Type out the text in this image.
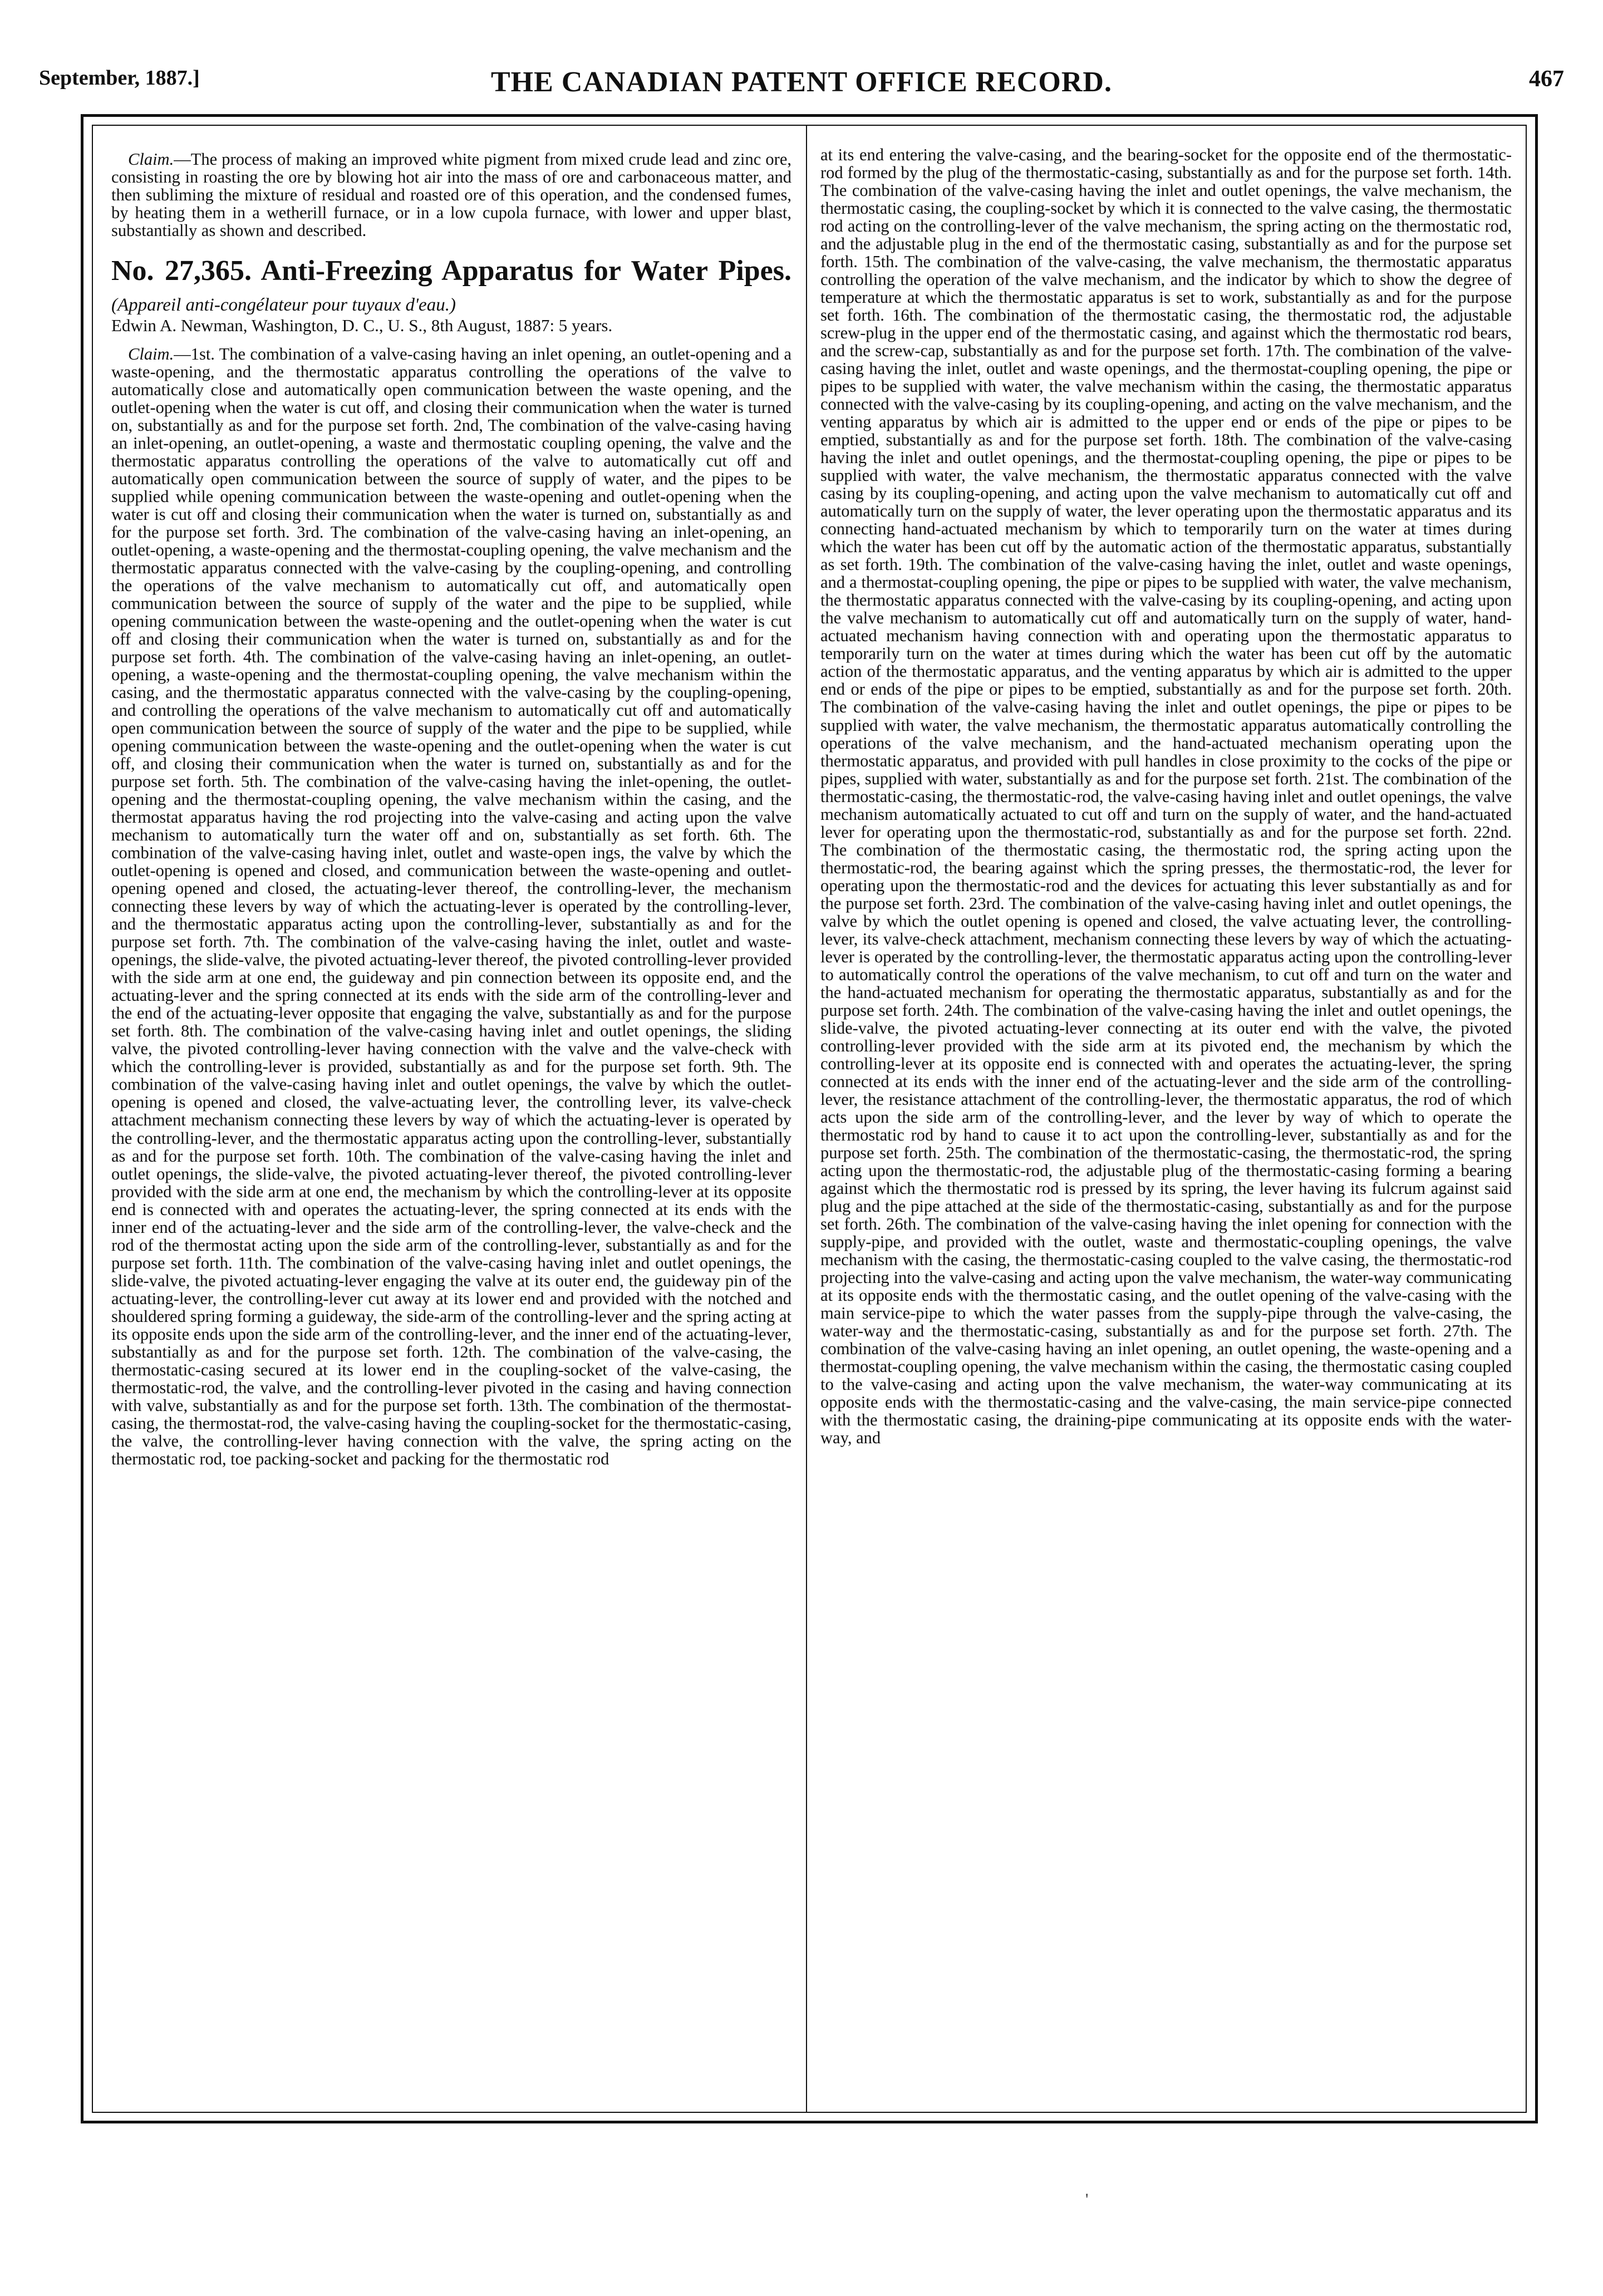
September, 1887.]	THE CANADIAN PATENT OFFICE RECORD.	467

Claim.—The process of making an improved white pigment from mixed crude lead and zinc ore, consisting in roasting the ore by blowing hot air into the mass of ore and carbonaceous matter, and then subliming the mixture of residual and roasted ore of this operation, and the condensed fumes, by heating them in a wetherill furnace, or in a low cupola furnace, with lower and upper blast, substantially as shown and described.

No. 27,365. Anti-Freezing Apparatus for Water Pipes. (Appareil anti-congélateur pour tuyaux d'eau.)

Edwin A. Newman, Washington, D. C., U. S., 8th August, 1887: 5 years.

Claim.—1st. The combination of a valve-casing having an inlet opening, an outlet-opening and a waste-opening, and the thermostatic apparatus controlling the operations of the valve to automatically close and automatically open communication between the waste opening, and the outlet-opening when the water is cut off, and closing their communication when the water is turned on, substantially as and for the purpose set forth. 2nd, The combination of the valve-casing having an inlet-opening, an outlet-opening, a waste and thermostatic coupling opening, the valve and the thermostatic apparatus controlling the operations of the valve to automatically cut off and automatically open communication between the source of supply of water, and the pipes to be supplied while opening communication between the waste-opening and outlet-opening when the water is cut off and closing their communication when the water is turned on, substantially as and for the purpose set forth. 3rd. The combination of the valve-casing having an inlet-opening, an outlet-opening, a waste-opening and the thermostat-coupling opening, the valve mechanism and the thermostatic apparatus connected with the valve-casing by the coupling-opening, and controlling the operations of the valve mechanism to automatically cut off, and automatically open communication between the source of supply of the water and the pipe to be supplied, while opening communication between the waste-opening and the outlet-opening when the water is cut off and closing their communication when the water is turned on, substantially as and for the purpose set forth. 4th. The combination of the valve-casing having an inlet-opening, an outlet-opening, a waste-opening and the thermostat-coupling opening, the valve mechanism within the casing, and the thermostatic apparatus connected with the valve-casing by the coupling-opening, and controlling the operations of the valve mechanism to automatically cut off and automatically open communication between the source of supply of the water and the pipe to be supplied, while opening communication between the waste-opening and the outlet-opening when the water is cut off, and closing their communication when the water is turned on, substantially as and for the purpose set forth. 5th. The combination of the valve-casing having the inlet-opening, the outlet-opening and the thermostat-coupling opening, the valve mechanism within the casing, and the thermostat apparatus having the rod projecting into the valve-casing and acting upon the valve mechanism to automatically turn the water off and on, substantially as set forth. 6th. The combination of the valve-casing having inlet, outlet and waste-open ings, the valve by which the outlet-opening is opened and closed, and communication between the waste-opening and outlet-opening opened and closed, the actuating-lever thereof, the controlling-lever, the mechanism connecting these levers by way of which the actuating-lever is operated by the controlling-lever, and the thermostatic apparatus acting upon the controlling-lever, substantially as and for the purpose set forth. 7th. The combination of the valve-casing having the inlet, outlet and waste-openings, the slide-valve, the pivoted actuating-lever thereof, the pivoted controlling-lever provided with the side arm at one end, the guideway and pin connection between its opposite end, and the actuating-lever and the spring connected at its ends with the side arm of the controlling-lever and the end of the actuating-lever opposite that engaging the valve, substantially as and for the purpose set forth. 8th. The combination of the valve-casing having inlet and outlet openings, the sliding valve, the pivoted controlling-lever having connection with the valve and the valve-check with which the controlling-lever is provided, substantially as and for the purpose set forth. 9th. The combination of the valve-casing having inlet and outlet openings, the valve by which the outlet-opening is opened and closed, the valve-actuating lever, the controlling lever, its valve-check attachment mechanism connecting these levers by way of which the actuating-lever is operated by the controlling-lever, and the thermostatic apparatus acting upon the controlling-lever, substantially as and for the purpose set forth. 10th. The combination of the valve-casing having the inlet and outlet openings, the slide-valve, the pivoted actuating-lever thereof, the pivoted controlling-lever provided with the side arm at one end, the mechanism by which the controlling-lever at its opposite end is connected with and operates the actuating-lever, the spring connected at its ends with the inner end of the actuating-lever and the side arm of the controlling-lever, the valve-check and the rod of the thermostat acting upon the side arm of the controlling-lever, substantially as and for the purpose set forth. 11th. The combination of the valve-casing having inlet and outlet openings, the slide-valve, the pivoted actuating-lever engaging the valve at its outer end, the guideway pin of the actuating-lever, the controlling-lever cut away at its lower end and provided with the notched and shouldered spring forming a guideway, the side-arm of the controlling-lever and the spring acting at its opposite ends upon the side arm of the controlling-lever, and the inner end of the actuating-lever, substantially as and for the purpose set forth. 12th. The combination of the valve-casing, the thermostatic-casing secured at its lower end in the coupling-socket of the valve-casing, the thermostatic-rod, the valve, and the controlling-lever pivoted in the casing and having connection with valve, substantially as and for the purpose set forth. 13th. The combination of the thermostat-casing, the thermostat-rod, the valve-casing having the coupling-socket for the thermostatic-casing, the valve, the controlling-lever having connection with the valve, the spring acting on the thermostatic rod, toe packing-socket and packing for the thermostatic rod

at its end entering the valve-casing, and the bearing-socket for the opposite end of the thermostatic-rod formed by the plug of the thermostatic-casing, substantially as and for the purpose set forth. 14th. The combination of the valve-casing having the inlet and outlet openings, the valve mechanism, the thermostatic casing, the coupling-socket by which it is connected to the valve casing, the thermostatic rod acting on the controlling-lever of the valve mechanism, the spring acting on the thermostatic rod, and the adjustable plug in the end of the thermostatic casing, substantially as and for the purpose set forth. 15th. The combination of the valve-casing, the valve mechanism, the thermostatic apparatus controlling the operation of the valve mechanism, and the indicator by which to show the degree of temperature at which the thermostatic apparatus is set to work, substantially as and for the purpose set forth. 16th. The combination of the thermostatic casing, the thermostatic rod, the adjustable screw-plug in the upper end of the thermostatic casing, and against which the thermostatic rod bears, and the screw-cap, substantially as and for the purpose set forth. 17th. The combination of the valve-casing having the inlet, outlet and waste openings, and the thermostat-coupling opening, the pipe or pipes to be supplied with water, the valve mechanism within the casing, the thermostatic apparatus connected with the valve-casing by its coupling-opening, and acting on the valve mechanism, and the venting apparatus by which air is admitted to the upper end or ends of the pipe or pipes to be emptied, substantially as and for the purpose set forth. 18th. The combination of the valve-casing having the inlet and outlet openings, and the thermostat-coupling opening, the pipe or pipes to be supplied with water, the valve mechanism, the thermostatic apparatus connected with the valve casing by its coupling-opening, and acting upon the valve mechanism to automatically cut off and automatically turn on the supply of water, the lever operating upon the thermostatic apparatus and its connecting hand-actuated mechanism by which to temporarily turn on the water at times during which the water has been cut off by the automatic action of the thermostatic apparatus, substantially as set forth. 19th. The combination of the valve-casing having the inlet, outlet and waste openings, and a thermostat-coupling opening, the pipe or pipes to be supplied with water, the valve mechanism, the thermostatic apparatus connected with the valve-casing by its coupling-opening, and acting upon the valve mechanism to automatically cut off and automatically turn on the supply of water, hand-actuated mechanism having connection with and operating upon the thermostatic apparatus to temporarily turn on the water at times during which the water has been cut off by the automatic action of the thermostatic apparatus, and the venting apparatus by which air is admitted to the upper end or ends of the pipe or pipes to be emptied, substantially as and for the purpose set forth. 20th. The combination of the valve-casing having the inlet and outlet openings, the pipe or pipes to be supplied with water, the valve mechanism, the thermostatic apparatus automatically controlling the operations of the valve mechanism, and the hand-actuated mechanism operating upon the thermostatic apparatus, and provided with pull handles in close proximity to the cocks of the pipe or pipes, supplied with water, substantially as and for the purpose set forth. 21st. The combination of the thermostatic-casing, the thermostatic-rod, the valve-casing having inlet and outlet openings, the valve mechanism automatically actuated to cut off and turn on the supply of water, and the hand-actuated lever for operating upon the thermostatic-rod, substantially as and for the purpose set forth. 22nd. The combination of the thermostatic casing, the thermostatic rod, the spring acting upon the thermostatic-rod, the bearing against which the spring presses, the thermostatic-rod, the lever for operating upon the thermostatic-rod and the devices for actuating this lever substantially as and for the purpose set forth. 23rd. The combination of the valve-casing having inlet and outlet openings, the valve by which the outlet opening is opened and closed, the valve actuating lever, the controlling-lever, its valve-check attachment, mechanism connecting these levers by way of which the actuating-lever is operated by the controlling-lever, the thermostatic apparatus acting upon the controlling-lever to automatically control the operations of the valve mechanism, to cut off and turn on the water and the hand-actuated mechanism for operating the thermostatic apparatus, substantially as and for the purpose set forth. 24th. The combination of the valve-casing having the inlet and outlet openings, the slide-valve, the pivoted actuating-lever connecting at its outer end with the valve, the pivoted controlling-lever provided with the side arm at its pivoted end, the mechanism by which the controlling-lever at its opposite end is connected with and operates the actuating-lever, the spring connected at its ends with the inner end of the actuating-lever and the side arm of the controlling-lever, the resistance attachment of the controlling-lever, the thermostatic apparatus, the rod of which acts upon the side arm of the controlling-lever, and the lever by way of which to operate the thermostatic rod by hand to cause it to act upon the controlling-lever, substantially as and for the purpose set forth. 25th. The combination of the thermostatic-casing, the thermostatic-rod, the spring acting upon the thermostatic-rod, the adjustable plug of the thermostatic-casing forming a bearing against which the thermostatic rod is pressed by its spring, the lever having its fulcrum against said plug and the pipe attached at the side of the thermostatic-casing, substantially as and for the purpose set forth. 26th. The combination of the valve-casing having the inlet opening for connection with the supply-pipe, and provided with the outlet, waste and thermostatic-coupling openings, the valve mechanism with the casing, the thermostatic-casing coupled to the valve casing, the thermostatic-rod projecting into the valve-casing and acting upon the valve mechanism, the water-way communicating at its opposite ends with the thermostatic casing, and the outlet opening of the valve-casing with the main service-pipe to which the water passes from the supply-pipe through the valve-casing, the water-way and the thermostatic-casing, substantially as and for the purpose set forth. 27th. The combination of the valve-casing having an inlet opening, an outlet opening, the waste-opening and a thermostat-coupling opening, the valve mechanism within the casing, the thermostatic casing coupled to the valve-casing and acting upon the valve mechanism, the water-way communicating at its opposite ends with the thermostatic-casing and the valve-casing, the main service-pipe connected with the thermostatic casing, the draining-pipe communicating at its opposite ends with the water-way, and

'
